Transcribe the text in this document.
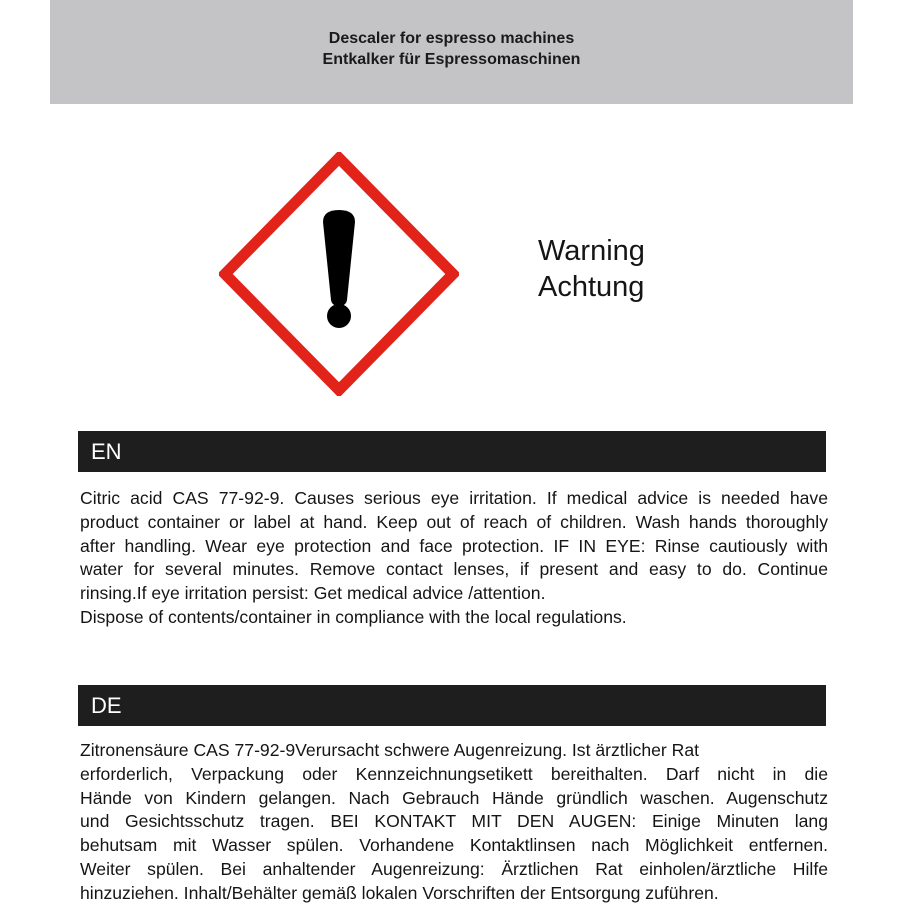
Descaler for espresso machines
Entkalker für Espressomaschinen
Warning
Achtung
EN
Citric acid CAS 77-92-9. Causes serious eye irritation. If medical advice is needed have
product container or label at hand. Keep out of reach of children. Wash hands thoroughly
after handling. Wear eye protection and face protection. IF IN EYE: Rinse cautiously with
water for several minutes. Remove contact lenses, if present and easy to do. Continue
rinsing.If eye irritation persist: Get medical advice /attention.
Dispose of contents/container in compliance with the local regulations.
DE
Zitronensäure CAS 77-92-9Verursacht schwere Augenreizung. Ist ärztlicher Rat
erforderlich, Verpackung oder Kennzeichnungsetikett bereithalten. Darf nicht in die
Hände von Kindern gelangen. Nach Gebrauch Hände gründlich waschen. Augenschutz
und Gesichtsschutz tragen. BEI KONTAKT MIT DEN AUGEN: Einige Minuten lang
behutsam mit Wasser spülen. Vorhandene Kontaktlinsen nach Möglichkeit entfernen.
Weiter spülen. Bei anhaltender Augenreizung: Ärztlichen Rat einholen/ärztliche Hilfe
hinzuziehen. Inhalt/Behälter gemäß lokalen Vorschriften der Entsorgung zuführen.
